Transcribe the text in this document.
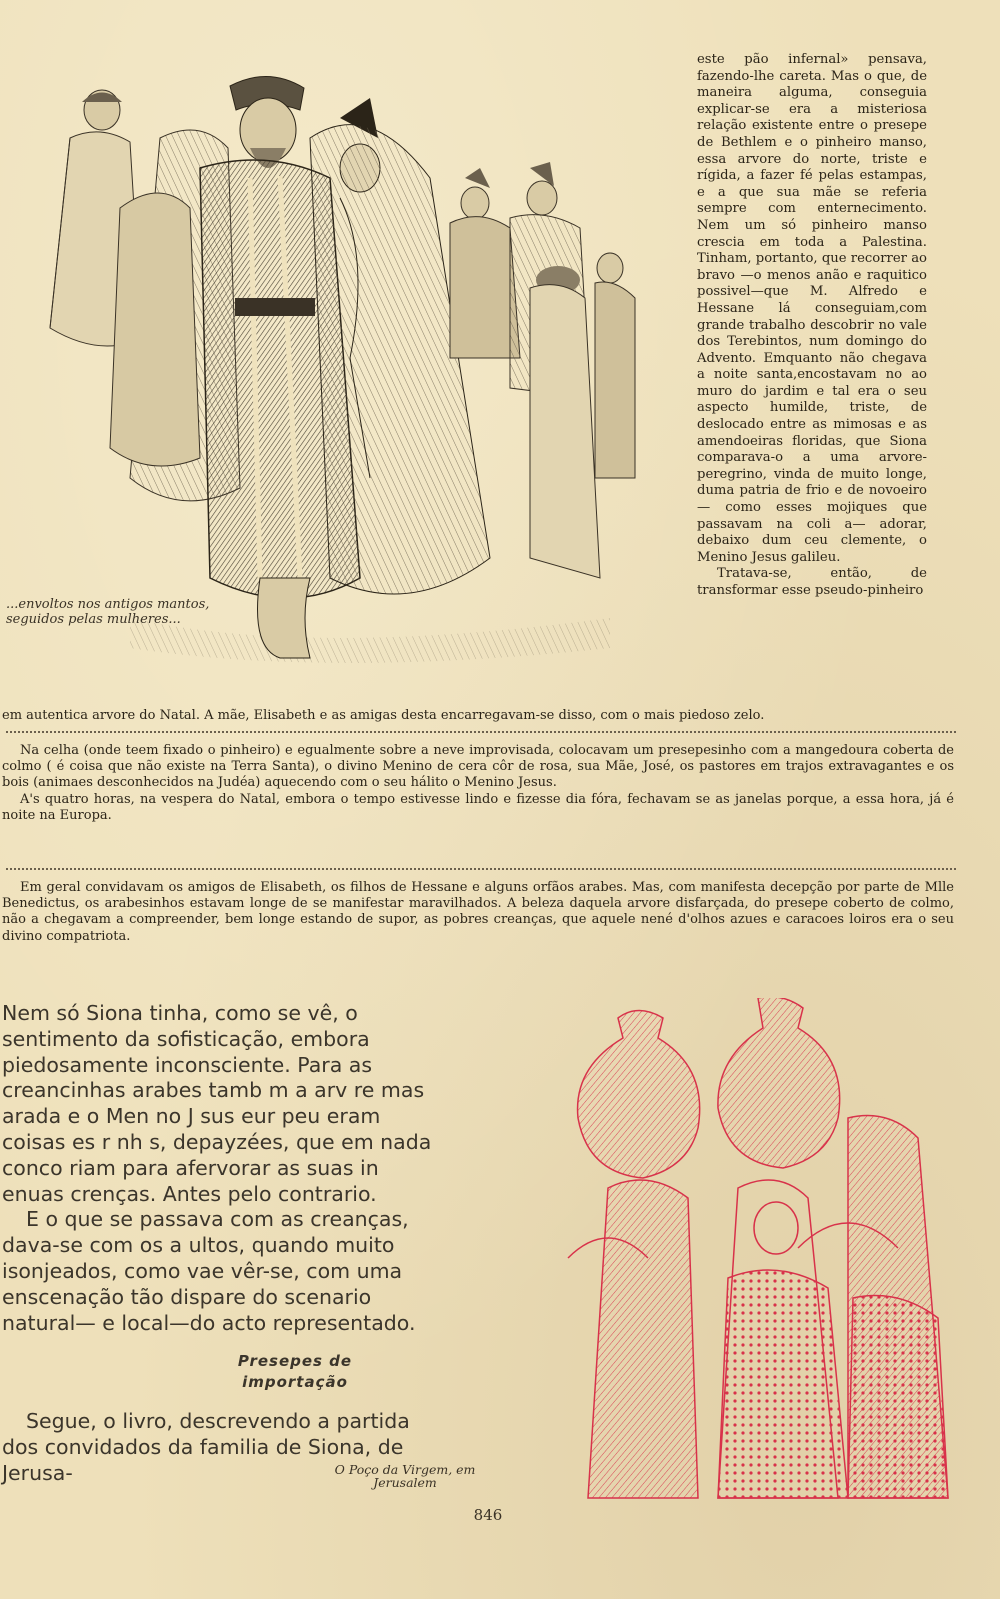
...envoltos nos antigos mantos, seguidos pelas mulheres...

este pão infernal» pensava, fazendo-lhe careta. Mas o que, de maneira alguma, conseguia explicar-se era a misteriosa relação existente entre o presepe de Bethlem e o pinheiro manso, essa arvore do norte, triste e rígida, a fazer fé pelas estampas, e a que sua mãe se referia sempre com enternecimento. Nem um só pinheiro manso crescia em toda a Palestina. Tinham, portanto, que recorrer ao bravo —o menos anão e raquitico possivel—que M. Alfredo e Hessane lá conseguiam,com grande trabalho descobrir no vale dos Terebintos, num domingo do Advento. Emquanto não chegava a noite santa,encostavam no ao muro do jardim e tal era o seu aspecto humilde, triste, de deslocado entre as mimosas e as amendoeiras floridas, que Siona comparava-o a uma arvore-peregrino, vinda de muito longe, duma patria de frio e de novoeiro— como esses mojiques que passavam na coli a— adorar, debaixo dum ceu clemente, o Menino Jesus galileu.

Tratava-se, então, de transformar esse pseudo-pinheiro

em autentica arvore do Natal. A mãe, Elisabeth e as amigas desta encarregavam-se disso, com o mais piedoso zelo.

Na celha (onde teem fixado o pinheiro) e egualmente sobre a neve improvisada, colocavam um presepesinho com a mangedoura coberta de colmo ( é coisa que não existe na Terra Santa), o divino Menino de cera côr de rosa, sua Mãe, José, os pastores em trajos extravagantes e os bois (animaes desconhecidos na Judéa) aquecendo com o seu hálito o Menino Jesus.

A's quatro horas, na vespera do Natal, embora o tempo estivesse lindo e fizesse dia fóra, fechavam se as janelas porque, a essa hora, já é noite na Europa.

Em geral convidavam os amigos de Elisabeth, os filhos de Hessane e alguns orfãos arabes. Mas, com manifesta decepção por parte de Mlle Benedictus, os arabesinhos estavam longe de se manifestar maravilhados. A beleza daquela arvore disfarçada, do presepe coberto de colmo, não a chegavam a compreender, bem longe estando de supor, as pobres creanças, que aquele nené d'olhos azues e caracoes loiros era o seu divino compatriota.

Nem só Siona tinha, como se vê, o sentimento da sofisticação, embora piedosamente inconsciente. Para as creancinhas arabes tamb m a arv re mas arada e o Men no J sus eur peu eram coisas es r nh s, depayzées, que em nada conco riam para afervorar as suas in enuas crenças. Antes pelo contrario.

E o que se passava com as creanças, dava-se com os a ultos, quando muito isonjeados, como vae vêr-se, com uma enscenação tão dispare do scenario natural— e local—do acto representado.

Presepes de importação

Segue, o livro, descrevendo a partida dos convidados da familia de Siona, de Jerusa-	O Poço da Virgem, em Jerusalem
846
